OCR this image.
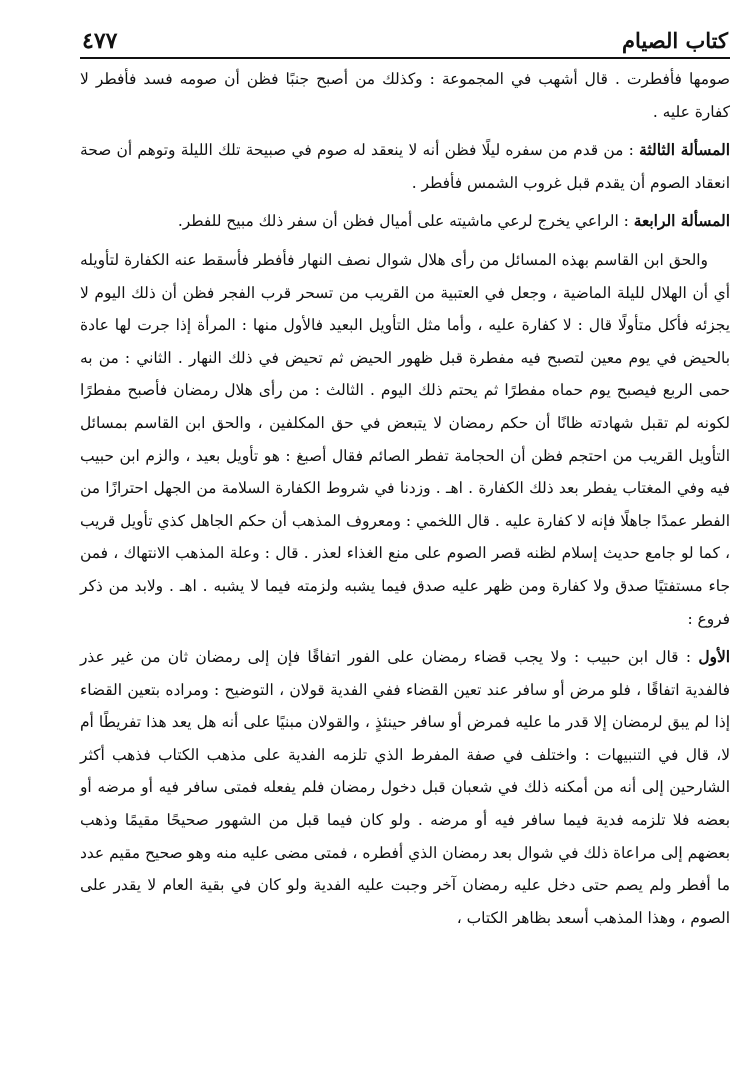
كتاب الصيام
٤٧٧

صومها فأفطرت . قال أشهب في المجموعة : وكذلك من أصبح جنبًا فظن أن صومه فسد فأفطر لا كفارة عليه .

المسألة الثالثة : من قدم من سفره ليلًا فظن أنه لا ينعقد له صوم في صبيحة تلك الليلة وتوهم أن صحة انعقاد الصوم أن يقدم قبل غروب الشمس فأفطر .

المسألة الرابعة : الراعي يخرج لرعي ماشيته على أميال فظن أن سفر ذلك مبيح للفطر.

والحق ابن القاسم بهذه المسائل من رأى هلال شوال نصف النهار فأفطر فأسقط عنه الكفارة لتأويله أي أن الهلال لليلة الماضية ، وجعل في العتبية من القريب من تسحر قرب الفجر فظن أن ذلك اليوم لا يجزئه فأكل متأولًا قال : لا كفارة عليه ، وأما مثل التأويل البعيد فالأول منها : المرأة إذا جرت لها عادة بالحيض في يوم معين لتصبح فيه مفطرة قبل ظهور الحيض ثم تحيض في ذلك النهار . الثاني : من به حمى الربع فيصبح يوم حماه مفطرًا ثم يحتم ذلك اليوم . الثالث : من رأى هلال رمضان فأصبح مفطرًا لكونه لم تقبل شهادته ظانًا أن حكم رمضان لا يتبعض في حق المكلفين ، والحق ابن القاسم بمسائل التأويل القريب من احتجم فظن أن الحجامة تفطر الصائم فقال أصبغ : هو تأويل بعيد ، والزم ابن حبيب فيه وفي المغتاب يفطر بعد ذلك الكفارة . اهـ . وزدنا في شروط الكفارة السلامة من الجهل احترازًا من الفطر عمدًا جاهلًا فإنه لا كفارة عليه . قال اللخمي : ومعروف المذهب أن حكم الجاهل كذي تأويل قريب ، كما لو جامع حديث إسلام لظنه قصر الصوم على منع الغذاء لعذر . قال : وعلة المذهب الانتهاك ، فمن جاء مستفتيًا صدق ولا كفارة ومن ظهر عليه صدق فيما يشبه ولزمته فيما لا يشبه . اهـ . ولابد من ذكر فروع :

الأول : قال ابن حبيب : ولا يجب قضاء رمضان على الفور اتفاقًا فإن إلى رمضان ثان من غير عذر فالفدية اتفاقًا ، فلو مرض أو سافر عند تعين القضاء ففي الفدية قولان ، التوضيح : ومراده بتعين القضاء إذا لم يبق لرمضان إلا قدر ما عليه فمرض أو سافر حينئذٍ ، والقولان مبنيًا على أنه هل يعد هذا تفريطًا أم لا، قال في التنبيهات : واختلف في صفة المفرط الذي تلزمه الفدية على مذهب الكتاب فذهب أكثر الشارحين إلى أنه من أمكنه ذلك في شعبان قبل دخول رمضان فلم يفعله فمتى سافر فيه أو مرضه أو بعضه فلا تلزمه فدية فيما سافر فيه أو مرضه . ولو كان فيما قبل من الشهور صحيحًا مقيمًا وذهب بعضهم إلى مراعاة ذلك في شوال بعد رمضان الذي أفطره ، فمتى مضى عليه منه وهو صحيح مقيم عدد ما أفطر ولم يصم حتى دخل عليه رمضان آخر وجبت عليه الفدية ولو كان في بقية العام لا يقدر على الصوم ، وهذا المذهب أسعد بظاهر الكتاب ،
